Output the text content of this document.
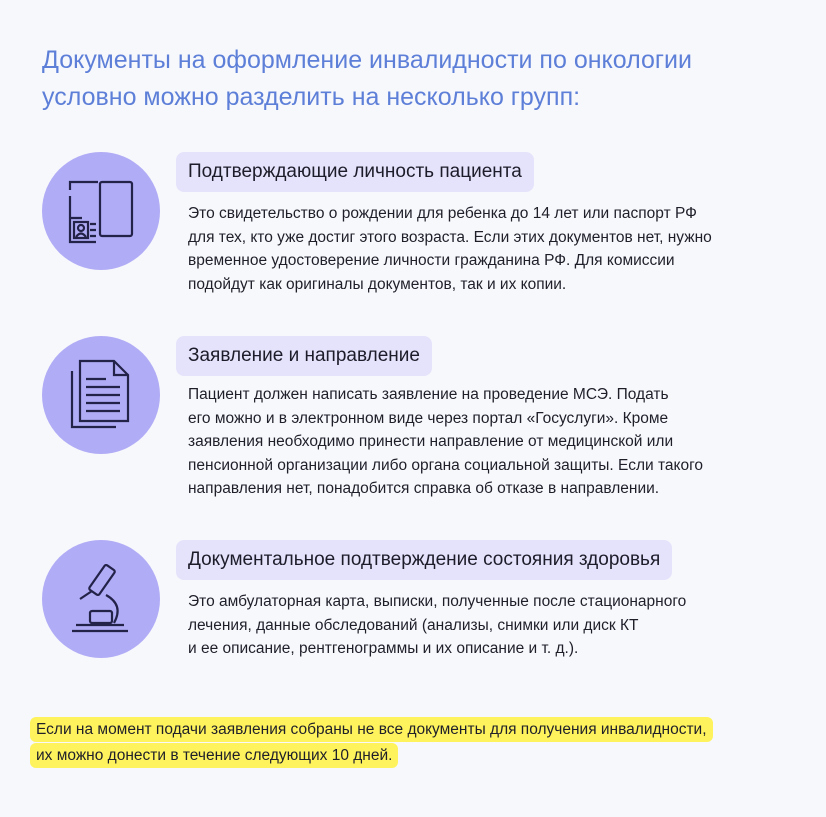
Документы на оформление инвалидности по онкологии
условно можно разделить на несколько групп:
Подтверждающие личность пациента
Это свидетельство о рождении для ребенка до 14 лет или паспорт РФ
для тех, кто уже достиг этого возраста. Если этих документов нет, нужно
временное удостоверение личности гражданина РФ. Для комиссии
подойдут как оригиналы документов, так и их копии.
Заявление и направление
Пациент должен написать заявление на проведение МСЭ. Подать
его можно и в электронном виде через портал «Госуслуги». Кроме
заявления необходимо принести направление от медицинской или
пенсионной организации либо органа социальной защиты. Если такого
направления нет, понадобится справка об отказе в направлении.
Документальное подтверждение состояния здоровья
Это амбулаторная карта, выписки, полученные после стационарного
лечения, данные обследований (анализы, снимки или диск КТ
и ее описание, рентгенограммы и их описание и т. д.).
Если на момент подачи заявления собраны не все документы для получения инвалидности,
их можно донести в течение следующих 10 дней.
